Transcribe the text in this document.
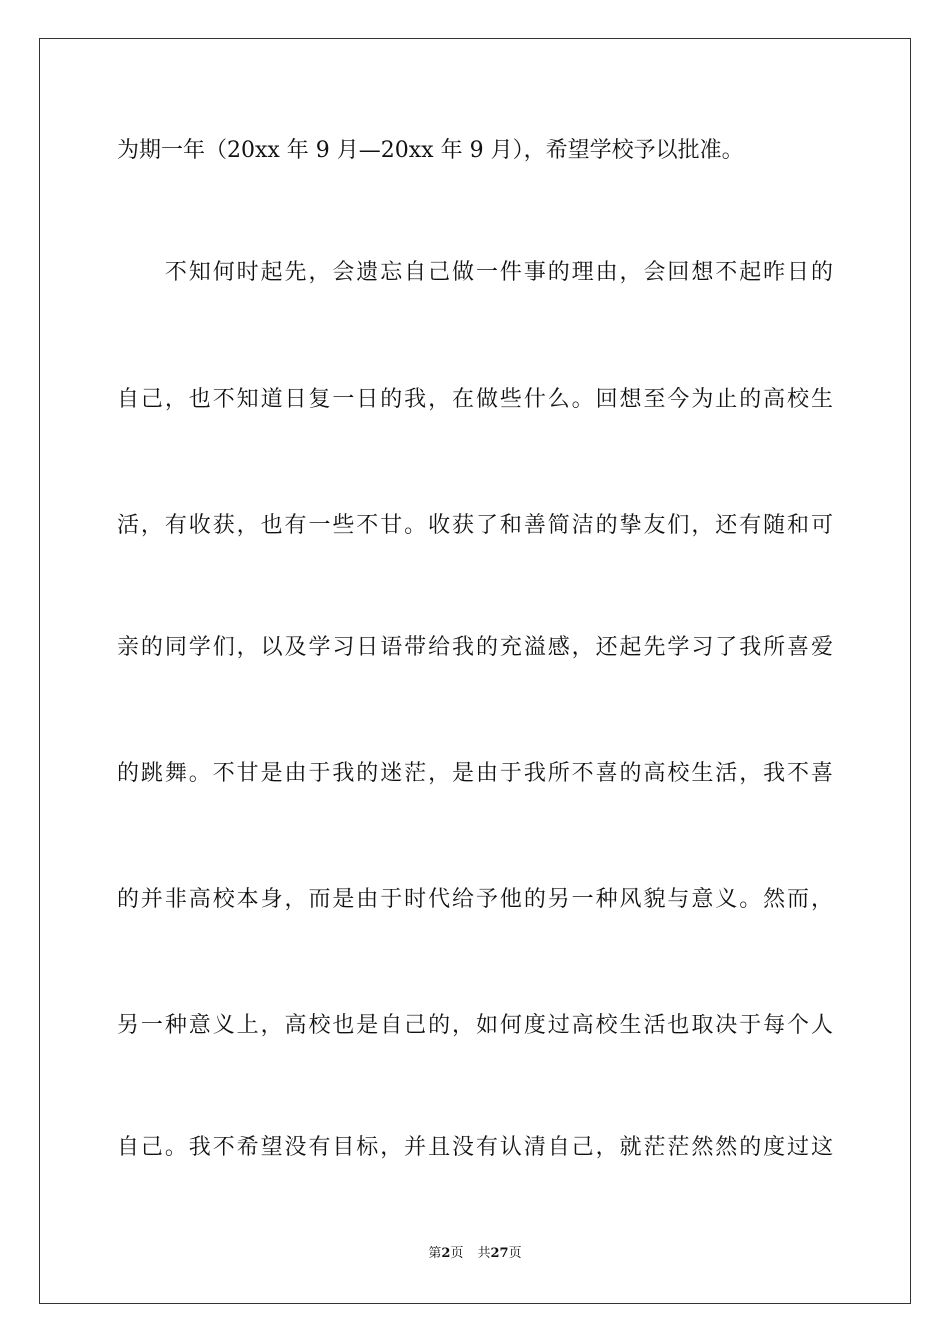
为期一年（20xx 年 9 月—20xx 年 9 月），希望学校予以批准。
　　不知何时起先，会遗忘自己做一件事的理由，会回想不起昨日的
自己，也不知道日复一日的我，在做些什么。回想至今为止的高校生
活，有收获，也有一些不甘。收获了和善简洁的挚友们，还有随和可
亲的同学们，以及学习日语带给我的充溢感，还起先学习了我所喜爱
的跳舞。不甘是由于我的迷茫，是由于我所不喜的高校生活，我不喜
的并非高校本身，而是由于时代给予他的另一种风貌与意义。然而，
另一种意义上，高校也是自己的，如何度过高校生活也取决于每个人
自己。我不希望没有目标，并且没有认清自己，就茫茫然然的度过这
第2页 共27页
